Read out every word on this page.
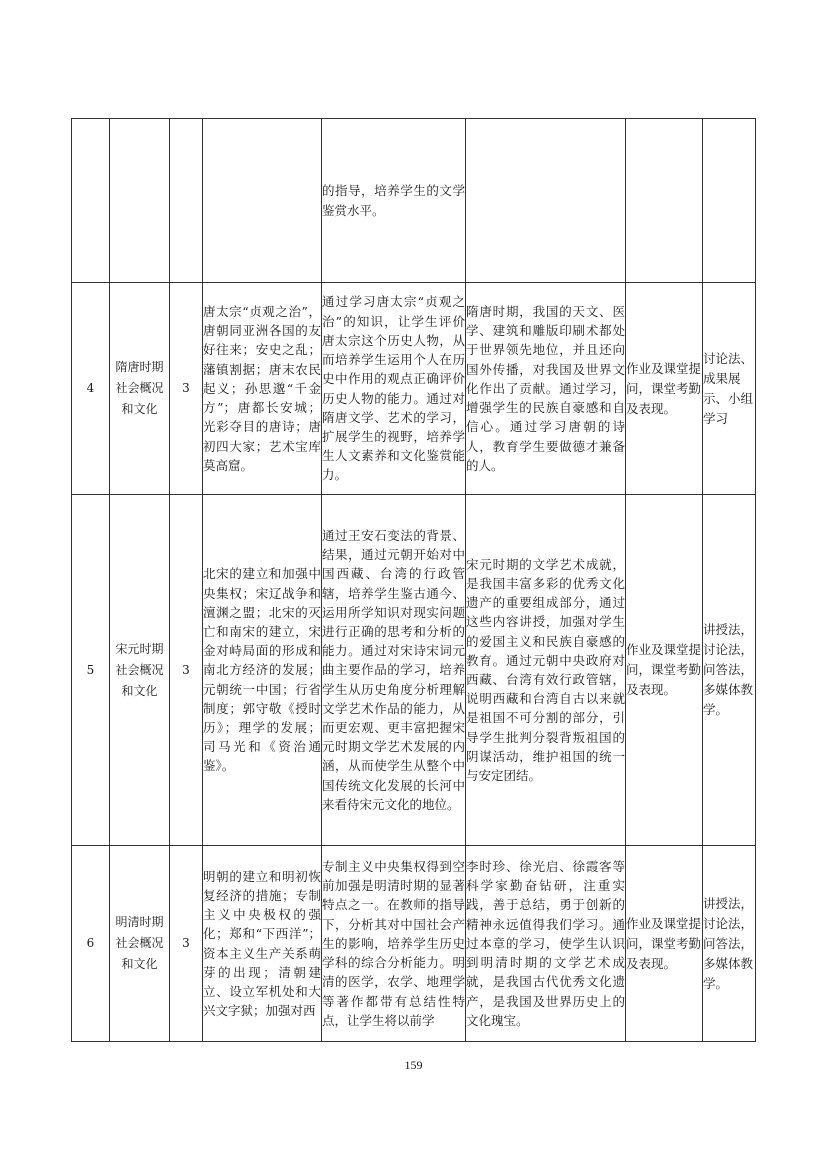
				的指导，培养学生的文学鉴赏水平。			
4	隋唐时期社会概况和文化	3	唐太宗“贞观之治”，唐朝同亚洲各国的友好往来；安史之乱；藩镇割据；唐末农民起义；孙思邈“千金方”；唐都长安城；光彩夺目的唐诗；唐初四大家；艺术宝库莫高窟。	通过学习唐太宗“贞观之治”的知识，让学生评价唐太宗这个历史人物，从而培养学生运用个人在历史中作用的观点正确评价历史人物的能力。通过对隋唐文学、艺术的学习，扩展学生的视野，培养学生人文素养和文化鉴赏能力。	隋唐时期，我国的天文、医学、建筑和雕版印刷术都处于世界领先地位，并且还向国外传播，对我国及世界文化作出了贡献。通过学习，增强学生的民族自豪感和自信心。通过学习唐朝的诗人，教育学生要做德才兼备的人。	作业及课堂提问，课堂考勤及表现。	讨论法、成果展示、小组学习
5	宋元时期社会概况和文化	3	北宋的建立和加强中央集权；宋辽战争和澶渊之盟；北宋的灭亡和南宋的建立，宋金对峙局面的形成和南北方经济的发展；元朝统一中国；行省制度；郭守敬《授时历》；理学的发展；司马光和《资治通鉴》。	通过王安石变法的背景、结果，通过元朝开始对中国西藏、台湾的行政管辖，培养学生鉴古通今、运用所学知识对现实问题进行正确的思考和分析的能力。通过对宋诗宋词元曲主要作品的学习，培养学生从历史角度分析理解文学艺术作品的能力，从而更宏观、更丰富把握宋元时期文学艺术发展的内涵，从而使学生从整个中国传统文化发展的长河中来看待宋元文化的地位。	宋元时期的文学艺术成就，是我国丰富多彩的优秀文化遗产的重要组成部分，通过这些内容讲授，加强对学生的爱国主义和民族自豪感的教育。通过元朝中央政府对西藏、台湾有效行政管辖，说明西藏和台湾自古以来就是祖国不可分割的部分，引导学生批判分裂背叛祖国的阴谋活动，维护祖国的统一与安定团结。	作业及课堂提问，课堂考勤及表现。	讲授法，讨论法，问答法，多媒体教学。
6	明清时期社会概况和文化	3	明朝的建立和明初恢复经济的措施；专制主义中央极权的强化；郑和“下西洋”；资本主义生产关系萌芽的出现；清朝建立、设立军机处和大兴文字狱；加强对西	专制主义中央集权得到空前加强是明清时期的显著特点之一。在教师的指导下，分析其对中国社会产生的影响，培养学生历史学科的综合分析能力。明清的医学，农学、地理学等著作都带有总结性特点，让学生将以前学	李时珍、徐光启、徐霞客等科学家勤奋钻研，注重实践，善于总结，勇于创新的精神永远值得我们学习。通过本章的学习，使学生认识到明清时期的文学艺术成就，是我国古代优秀文化遗产，是我国及世界历史上的文化瑰宝。	作业及课堂提问，课堂考勤及表现。	讲授法，讨论法，问答法，多媒体教学。
159
